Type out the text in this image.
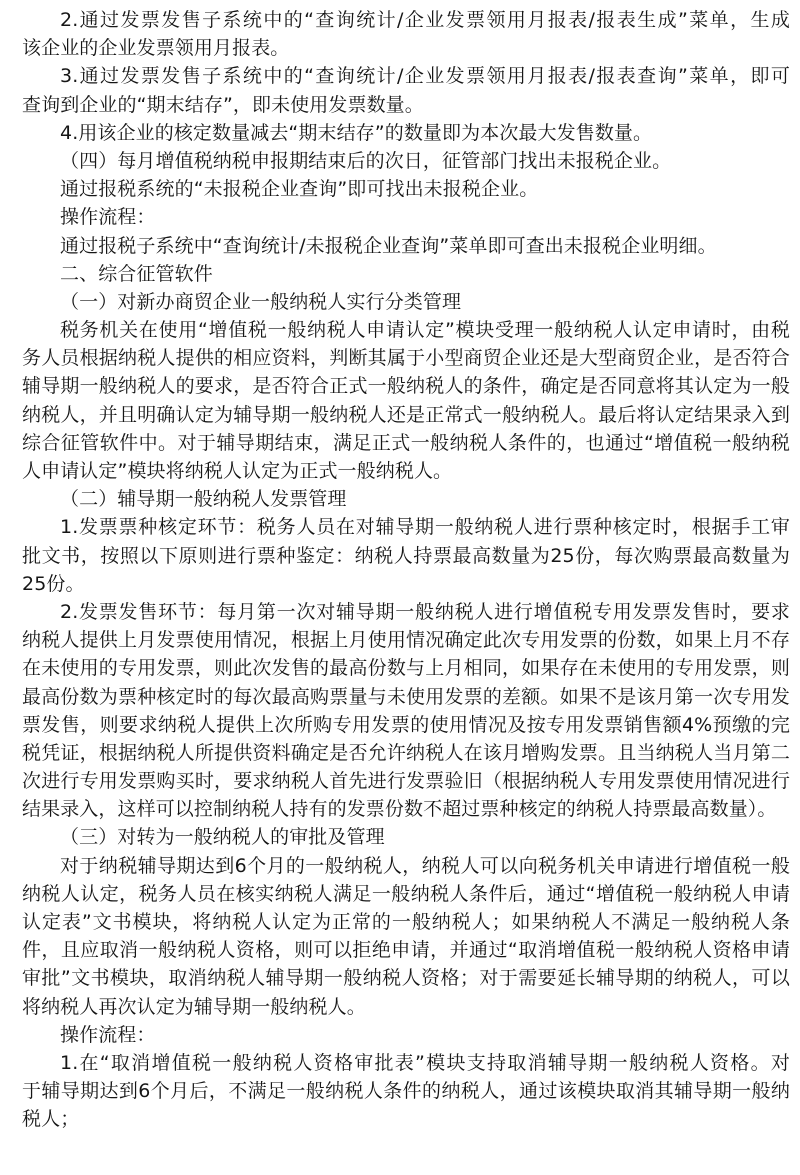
2.通过发票发售子系统中的“查询统计/企业发票领用月报表/报表生成”菜单，生成
该企业的企业发票领用月报表。
3.通过发票发售子系统中的“查询统计/企业发票领用月报表/报表查询”菜单，即可
查询到企业的“期末结存”，即未使用发票数量。
4.用该企业的核定数量减去“期末结存”的数量即为本次最大发售数量。
（四）每月增值税纳税申报期结束后的次日，征管部门找出未报税企业。
通过报税系统的“未报税企业查询”即可找出未报税企业。
操作流程：
通过报税子系统中“查询统计/未报税企业查询”菜单即可查出未报税企业明细。
二、综合征管软件
（一）对新办商贸企业一般纳税人实行分类管理
税务机关在使用“增值税一般纳税人申请认定”模块受理一般纳税人认定申请时，由税
务人员根据纳税人提供的相应资料，判断其属于小型商贸企业还是大型商贸企业，是否符合
辅导期一般纳税人的要求，是否符合正式一般纳税人的条件，确定是否同意将其认定为一般
纳税人，并且明确认定为辅导期一般纳税人还是正常式一般纳税人。最后将认定结果录入到
综合征管软件中。对于辅导期结束，满足正式一般纳税人条件的，也通过“增值税一般纳税
人申请认定”模块将纳税人认定为正式一般纳税人。
（二）辅导期一般纳税人发票管理
1.发票票种核定环节：税务人员在对辅导期一般纳税人进行票种核定时，根据手工审
批文书，按照以下原则进行票种鉴定：纳税人持票最高数量为25份，每次购票最高数量为
25份。
2.发票发售环节：每月第一次对辅导期一般纳税人进行增值税专用发票发售时，要求
纳税人提供上月发票使用情况，根据上月使用情况确定此次专用发票的份数，如果上月不存
在未使用的专用发票，则此次发售的最高份数与上月相同，如果存在未使用的专用发票，则
最高份数为票种核定时的每次最高购票量与未使用发票的差额。如果不是该月第一次专用发
票发售，则要求纳税人提供上次所购专用发票的使用情况及按专用发票销售额4%预缴的完
税凭证，根据纳税人所提供资料确定是否允许纳税人在该月增购发票。且当纳税人当月第二
次进行专用发票购买时，要求纳税人首先进行发票验旧（根据纳税人专用发票使用情况进行
结果录入，这样可以控制纳税人持有的发票份数不超过票种核定的纳税人持票最高数量）。
（三）对转为一般纳税人的审批及管理
对于纳税辅导期达到6个月的一般纳税人，纳税人可以向税务机关申请进行增值税一般
纳税人认定，税务人员在核实纳税人满足一般纳税人条件后，通过“增值税一般纳税人申请
认定表”文书模块，将纳税人认定为正常的一般纳税人；如果纳税人不满足一般纳税人条
件，且应取消一般纳税人资格，则可以拒绝申请，并通过“取消增值税一般纳税人资格申请
审批”文书模块，取消纳税人辅导期一般纳税人资格；对于需要延长辅导期的纳税人，可以
将纳税人再次认定为辅导期一般纳税人。
操作流程：
1.在“取消增值税一般纳税人资格审批表”模块支持取消辅导期一般纳税人资格。对
于辅导期达到6个月后，不满足一般纳税人条件的纳税人，通过该模块取消其辅导期一般纳
税人；
